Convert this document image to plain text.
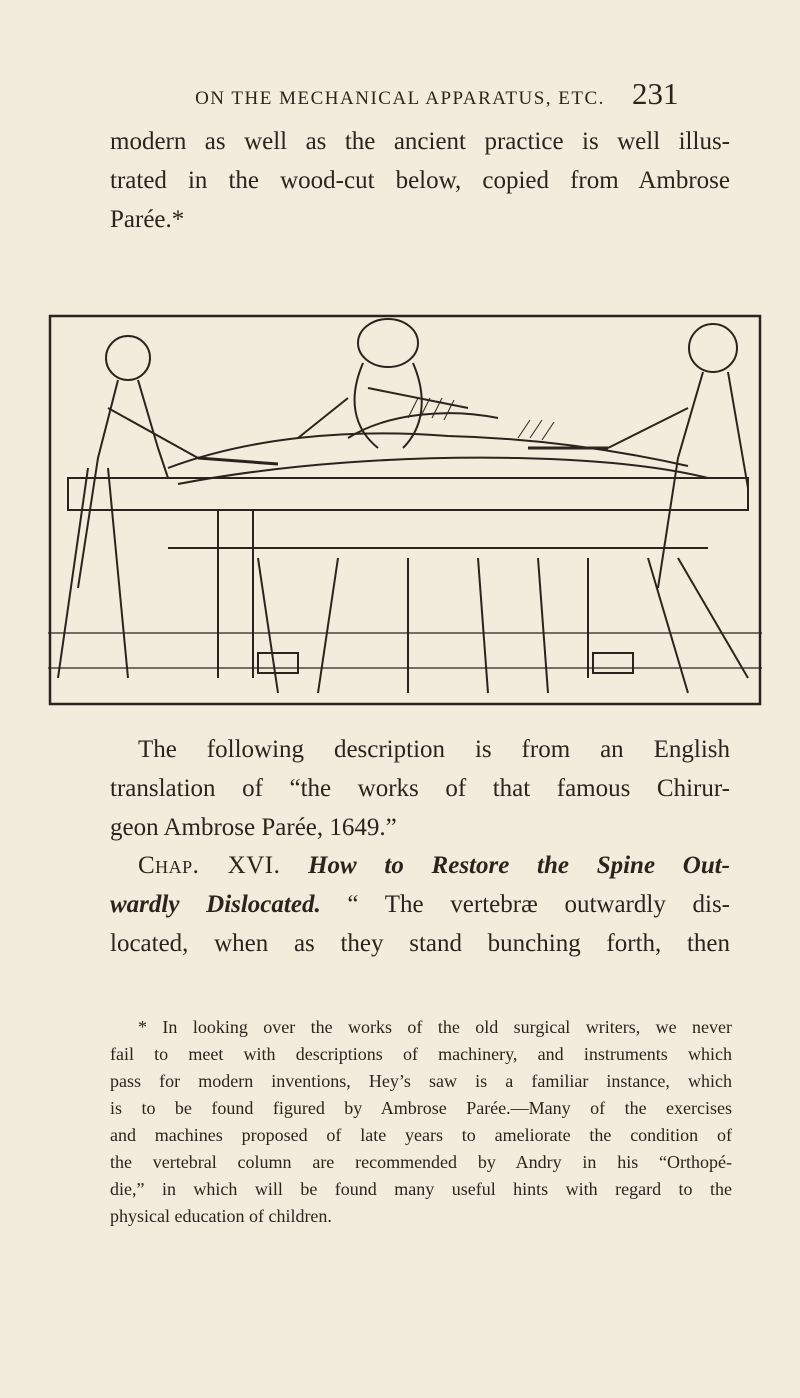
ON THE MECHANICAL APPARATUS, ETC. 231

modern as well as the ancient practice is well illus-
trated in the wood-cut below, copied from Ambrose
Parée.*

The following description is from an English
translation of “the works of that famous Chirur-
geon Ambrose Parée, 1649.”

Chap. XVI. How to Restore the Spine Out-
wardly Dislocated. “ The vertebræ outwardly dis-
located, when as they stand bunching forth, then

* In looking over the works of the old surgical writers, we never
fail to meet with descriptions of machinery, and instruments which
pass for modern inventions, Hey’s saw is a familiar instance, which
is to be found figured by Ambrose Parée.—Many of the exercises
and machines proposed of late years to ameliorate the condition of
the vertebral column are recommended by Andry in his “Orthopé-
die,” in which will be found many useful hints with regard to the
physical education of children.
